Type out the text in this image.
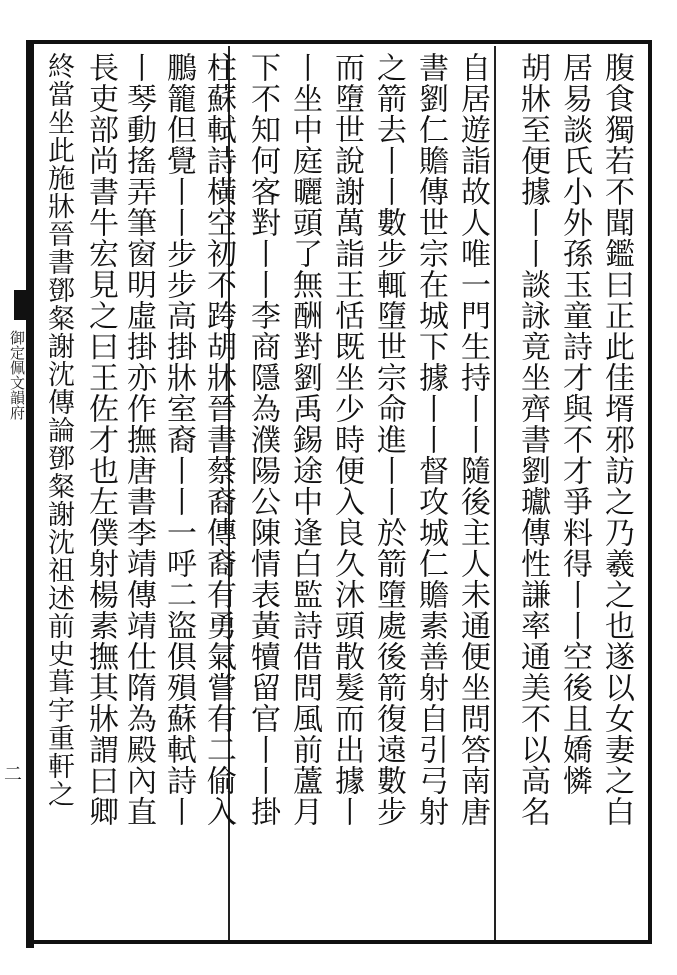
御定佩文韻府
二	腹食獨若不聞鑑曰正此佳壻邪訪之乃羲之也遂以女妻之白
居易談氏小外孫玉童詩才與不才爭料得丨丨空後且嬌憐
胡牀至便據丨丨談詠竟坐齊書劉瓛傳性謙率通美不以高名
自居遊詣故人唯一門生持丨丨隨後主人未通便坐問答南唐
書劉仁贍傳世宗在城下據丨丨督攻城仁贍素善射自引弓射
之箭去丨丨數步輒墮世宗命進丨丨於箭墮處後箭復遠數步
而墮世說謝萬詣王恬既坐少時便入良久沐頭散髮而出據丨
丨坐中庭曬頭了無酬對劉禹錫途中逢白監詩借問風前蘆月
下不知何客對丨丨李商隱為濮陽公陳情表黃犢留官丨丨掛
柱蘇軾詩橫空初不跨胡牀晉書蔡裔傳裔有勇氣嘗有二偷入
鵬籠但覺丨丨步步高掛牀室裔丨丨一呼二盜俱殞蘇軾詩丨
丨琴動搖弄筆窗明虛掛亦作撫唐書李靖傳靖仕隋為殿內直
長吏部尚書牛宏見之曰王佐才也左僕射楊素撫其牀謂曰卿
終當坐此施牀晉書鄧粲謝沈傳論鄧粲謝沈祖述前史葺宇重軒之
